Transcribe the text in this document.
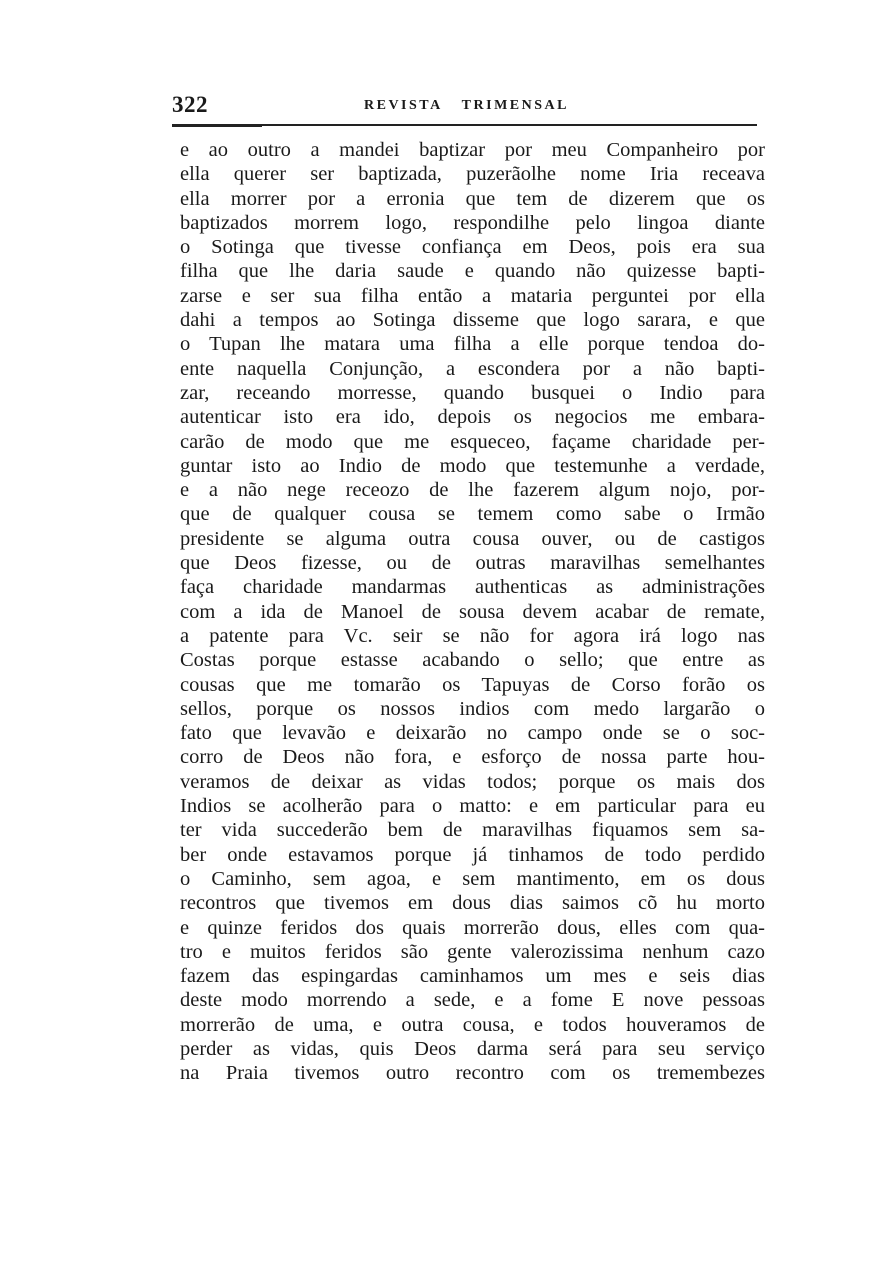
322	REVISTA TRIMENSAL
e ao outro a mandei baptizar por meu Companheiro por
ella querer ser baptizada, puzerãolhe nome Iria receava
ella morrer por a erronia que tem de dizerem que os
baptizados morrem logo, respondilhe pelo lingoa diante
o Sotinga que tivesse confiança em Deos, pois era sua
filha que lhe daria saude e quando não quizesse bapti-
zarse e ser sua filha então a mataria perguntei por ella
dahi a tempos ao Sotinga disseme que logo sarara, e que
o Tupan lhe matara uma filha a elle porque tendoa do-
ente naquella Conjunção, a escondera por a não bapti-
zar, receando morresse, quando busquei o Indio para
autenticar isto era ido, depois os negocios me embara-
carão de modo que me esqueceo, façame charidade per-
guntar isto ao Indio de modo que testemunhe a verdade,
e a não nege receozo de lhe fazerem algum nojo, por-
que de qualquer cousa se temem como sabe o Irmão
presidente se alguma outra cousa ouver, ou de castigos
que Deos fizesse, ou de outras maravilhas semelhantes
faça charidade mandarmas authenticas as administrações
com a ida de Manoel de sousa devem acabar de remate,
a patente para Vc. seir se não for agora irá logo nas
Costas porque estasse acabando o sello; que entre as
cousas que me tomarão os Tapuyas de Corso forão os
sellos, porque os nossos indios com medo largarão o
fato que levavão e deixarão no campo onde se o soc-
corro de Deos não fora, e esforço de nossa parte hou-
veramos de deixar as vidas todos; porque os mais dos
Indios se acolherão para o matto: e em particular para eu
ter vida succederão bem de maravilhas fiquamos sem sa-
ber onde estavamos porque já tinhamos de todo perdido
o Caminho, sem agoa, e sem mantimento, em os dous
recontros que tivemos em dous dias saimos cõ hu morto
e quinze feridos dos quais morrerão dous, elles com qua-
tro e muitos feridos são gente valerozissima nenhum cazo
fazem das espingardas caminhamos um mes e seis dias
deste modo morrendo a sede, e a fome E nove pessoas
morrerão de uma, e outra cousa, e todos houveramos de
perder as vidas, quis Deos darma será para seu serviço
na Praia tivemos outro recontro com os tremembezes
